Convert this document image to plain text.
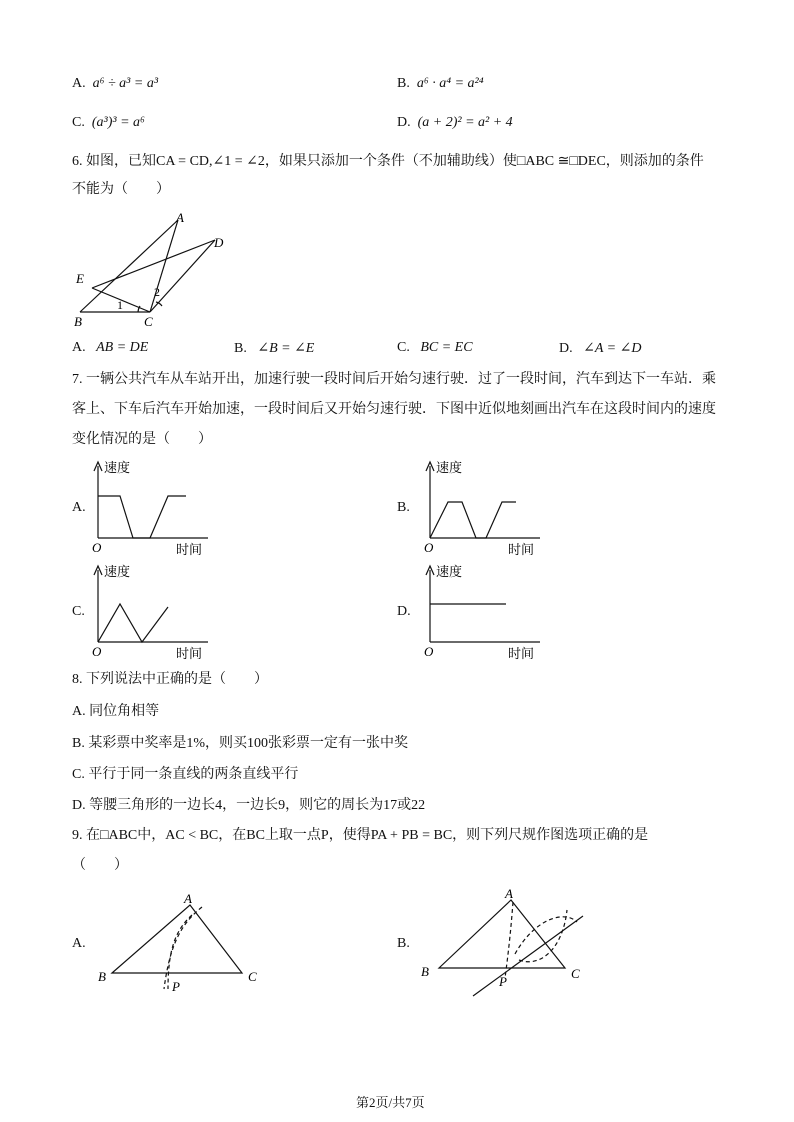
A. a⁶ ÷ a³ = a³	B. a⁶ · a⁴ = a²⁴
C. (a³)³ = a⁶	D. (a + 2)² = a² + 4
6. 如图，已知CA = CD,∠1 = ∠2，如果只添加一个条件（不加辅助线）使□ABC ≅□DEC，则添加的条件
不能为（　　）
A
D
E
B	C
1
2
A. AB = DE	B. ∠B = ∠E	C. BC = EC	D. ∠A = ∠D
7. 一辆公共汽车从车站开出，加速行驶一段时间后开始匀速行驶．过了一段时间，汽车到达下一车站．乘
客上、下车后汽车开始加速，一段时间后又开始匀速行驶．下图中近似地刻画出汽车在这段时间内的速度
变化情况的是（　　）
A.
速度
O	时间
B.
速度
O	时间
C.
速度
O	时间
D.
速度
O	时间
8. 下列说法中正确的是（　　）
A. 同位角相等
B. 某彩票中奖率是1%，则买100张彩票一定有一张中奖
C. 平行于同一条直线的两条直线平行
D. 等腰三角形的一边长4，一边长9，则它的周长为17或22
9. 在□ABC中，AC < BC，在BC上取一点P，使得PA + PB = BC，则下列尺规作图选项正确的是
（　　）
A.
A
B	C
P
B.
A
B	C
P
第2页/共7页
